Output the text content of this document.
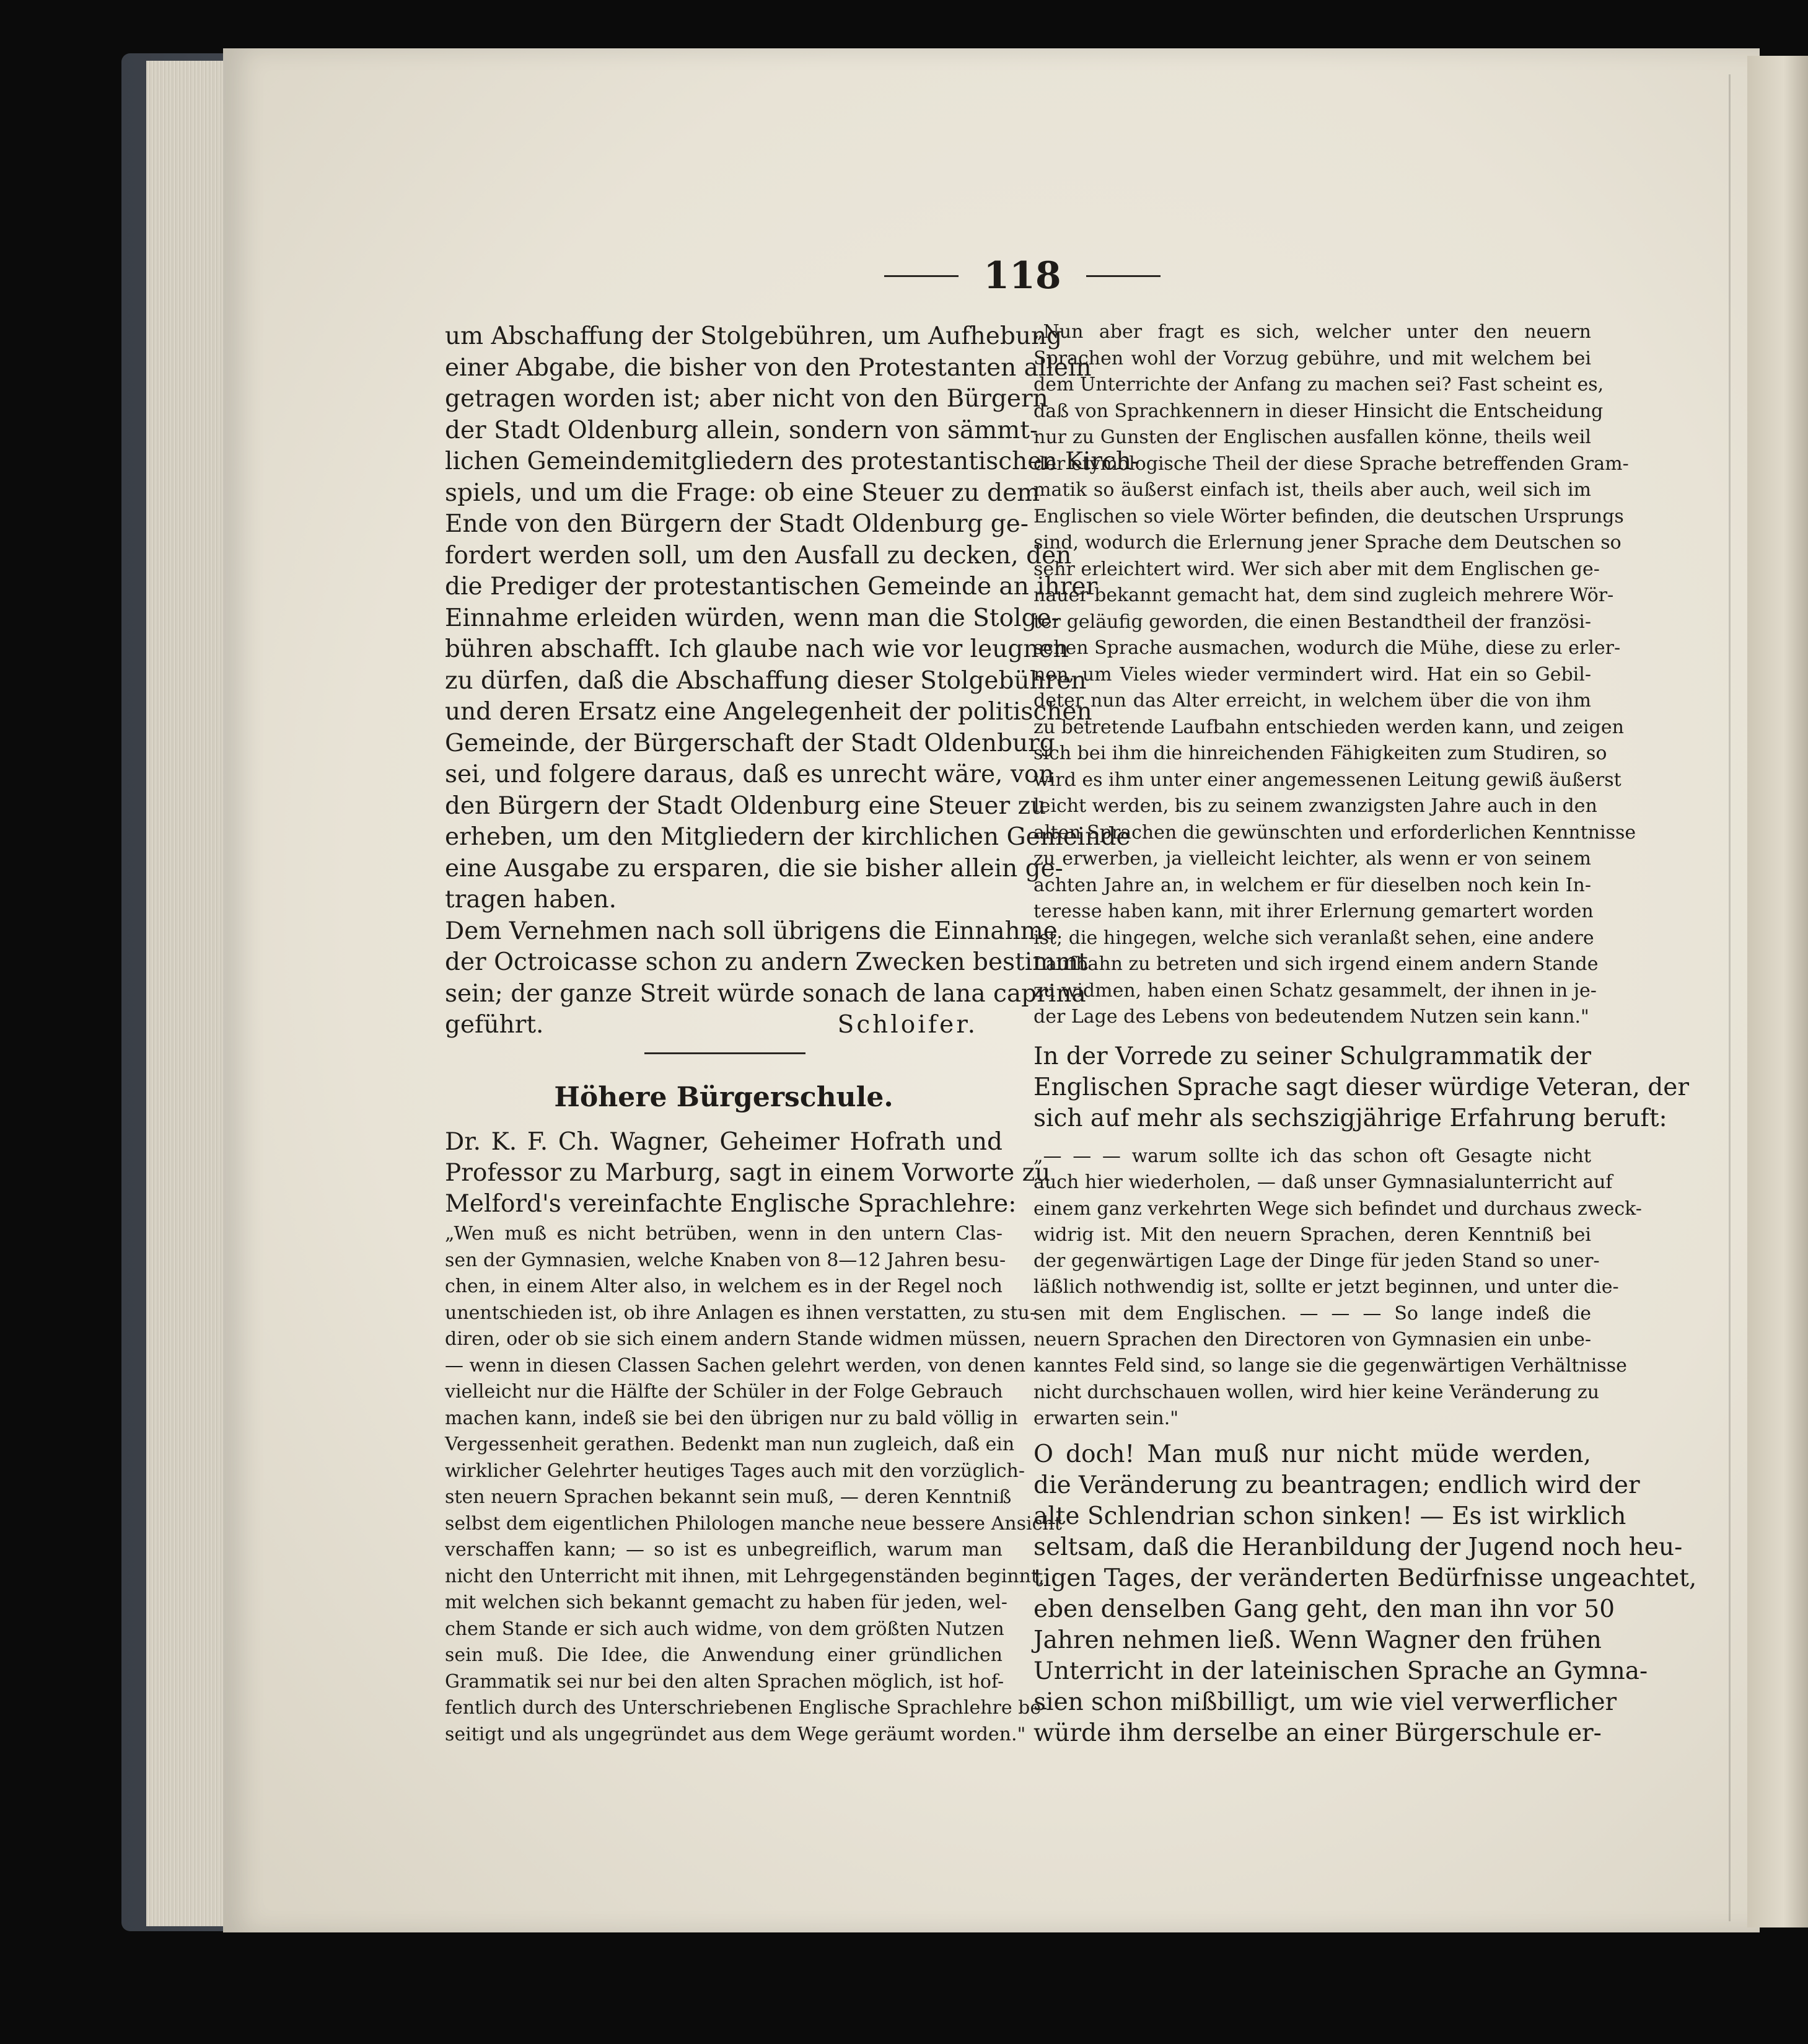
118
um Abschaffung der Stolgebühren, um Aufhebung
einer Abgabe, die bisher von den Protestanten allein
getragen worden ist; aber nicht von den Bürgern
der Stadt Oldenburg allein, sondern von sämmt-
lichen Gemeindemitgliedern des protestantischen Kirch-
spiels, und um die Frage: ob eine Steuer zu dem
Ende von den Bürgern der Stadt Oldenburg ge-
fordert werden soll, um den Ausfall zu decken, den
die Prediger der protestantischen Gemeinde an ihrer
Einnahme erleiden würden, wenn man die Stolge-
bühren abschafft. Ich glaube nach wie vor leugnen
zu dürfen, daß die Abschaffung dieser Stolgebühren
und deren Ersatz eine Angelegenheit der politischen
Gemeinde, der Bürgerschaft der Stadt Oldenburg
sei, und folgere daraus, daß es unrecht wäre, von
den Bürgern der Stadt Oldenburg eine Steuer zu
erheben, um den Mitgliedern der kirchlichen Gemeinde
eine Ausgabe zu ersparen, die sie bisher allein ge-
tragen haben.
Dem Vernehmen nach soll übrigens die Einnahme
der Octroicasse schon zu andern Zwecken bestimmt
sein; der ganze Streit würde sonach de lana caprina
geführt.	Schloifer.
Höhere Bürgerschule.
Dr. K. F. Ch. Wagner, Geheimer Hofrath und
Professor zu Marburg, sagt in einem Vorworte zu
Melford's vereinfachte Englische Sprachlehre:
„Wen muß es nicht betrüben, wenn in den untern Clas-
sen der Gymnasien, welche Knaben von 8—12 Jahren besu-
chen, in einem Alter also, in welchem es in der Regel noch
unentschieden ist, ob ihre Anlagen es ihnen verstatten, zu stu-
diren, oder ob sie sich einem andern Stande widmen müssen,
— wenn in diesen Classen Sachen gelehrt werden, von denen
vielleicht nur die Hälfte der Schüler in der Folge Gebrauch
machen kann, indeß sie bei den übrigen nur zu bald völlig in
Vergessenheit gerathen. Bedenkt man nun zugleich, daß ein
wirklicher Gelehrter heutiges Tages auch mit den vorzüglich-
sten neuern Sprachen bekannt sein muß, — deren Kenntniß
selbst dem eigentlichen Philologen manche neue bessere Ansicht
verschaffen kann; — so ist es unbegreiflich, warum man
nicht den Unterricht mit ihnen, mit Lehrgegenständen beginnt,
mit welchen sich bekannt gemacht zu haben für jeden, wel-
chem Stande er sich auch widme, von dem größten Nutzen
sein muß. Die Idee, die Anwendung einer gründlichen
Grammatik sei nur bei den alten Sprachen möglich, ist hof-
fentlich durch des Unterschriebenen Englische Sprachlehre be-
seitigt und als ungegründet aus dem Wege geräumt worden."
„Nun aber fragt es sich, welcher unter den neuern
Sprachen wohl der Vorzug gebühre, und mit welchem bei
dem Unterrichte der Anfang zu machen sei? Fast scheint es,
daß von Sprachkennern in dieser Hinsicht die Entscheidung
nur zu Gunsten der Englischen ausfallen könne, theils weil
der etymologische Theil der diese Sprache betreffenden Gram-
matik so äußerst einfach ist, theils aber auch, weil sich im
Englischen so viele Wörter befinden, die deutschen Ursprungs
sind, wodurch die Erlernung jener Sprache dem Deutschen so
sehr erleichtert wird. Wer sich aber mit dem Englischen ge-
nauer bekannt gemacht hat, dem sind zugleich mehrere Wör-
ter geläufig geworden, die einen Bestandtheil der französi-
schen Sprache ausmachen, wodurch die Mühe, diese zu erler-
nen, um Vieles wieder vermindert wird. Hat ein so Gebil-
deter nun das Alter erreicht, in welchem über die von ihm
zu betretende Laufbahn entschieden werden kann, und zeigen
sich bei ihm die hinreichenden Fähigkeiten zum Studiren, so
wird es ihm unter einer angemessenen Leitung gewiß äußerst
leicht werden, bis zu seinem zwanzigsten Jahre auch in den
alten Sprachen die gewünschten und erforderlichen Kenntnisse
zu erwerben, ja vielleicht leichter, als wenn er von seinem
achten Jahre an, in welchem er für dieselben noch kein In-
teresse haben kann, mit ihrer Erlernung gemartert worden
ist; die hingegen, welche sich veranlaßt sehen, eine andere
Laufbahn zu betreten und sich irgend einem andern Stande
zu widmen, haben einen Schatz gesammelt, der ihnen in je-
der Lage des Lebens von bedeutendem Nutzen sein kann."
In der Vorrede zu seiner Schulgrammatik der
Englischen Sprache sagt dieser würdige Veteran, der
sich auf mehr als sechszigjährige Erfahrung beruft:
„— — — warum sollte ich das schon oft Gesagte nicht
auch hier wiederholen, — daß unser Gymnasialunterricht auf
einem ganz verkehrten Wege sich befindet und durchaus zweck-
widrig ist. Mit den neuern Sprachen, deren Kenntniß bei
der gegenwärtigen Lage der Dinge für jeden Stand so uner-
läßlich nothwendig ist, sollte er jetzt beginnen, und unter die-
sen mit dem Englischen. — — — So lange indeß die
neuern Sprachen den Directoren von Gymnasien ein unbe-
kanntes Feld sind, so lange sie die gegenwärtigen Verhältnisse
nicht durchschauen wollen, wird hier keine Veränderung zu
erwarten sein."
O doch! Man muß nur nicht müde werden,
die Veränderung zu beantragen; endlich wird der
alte Schlendrian schon sinken! — Es ist wirklich
seltsam, daß die Heranbildung der Jugend noch heu-
tigen Tages, der veränderten Bedürfnisse ungeachtet,
eben denselben Gang geht, den man ihn vor 50
Jahren nehmen ließ. Wenn Wagner den frühen
Unterricht in der lateinischen Sprache an Gymna-
sien schon mißbilligt, um wie viel verwerflicher
würde ihm derselbe an einer Bürgerschule er-
